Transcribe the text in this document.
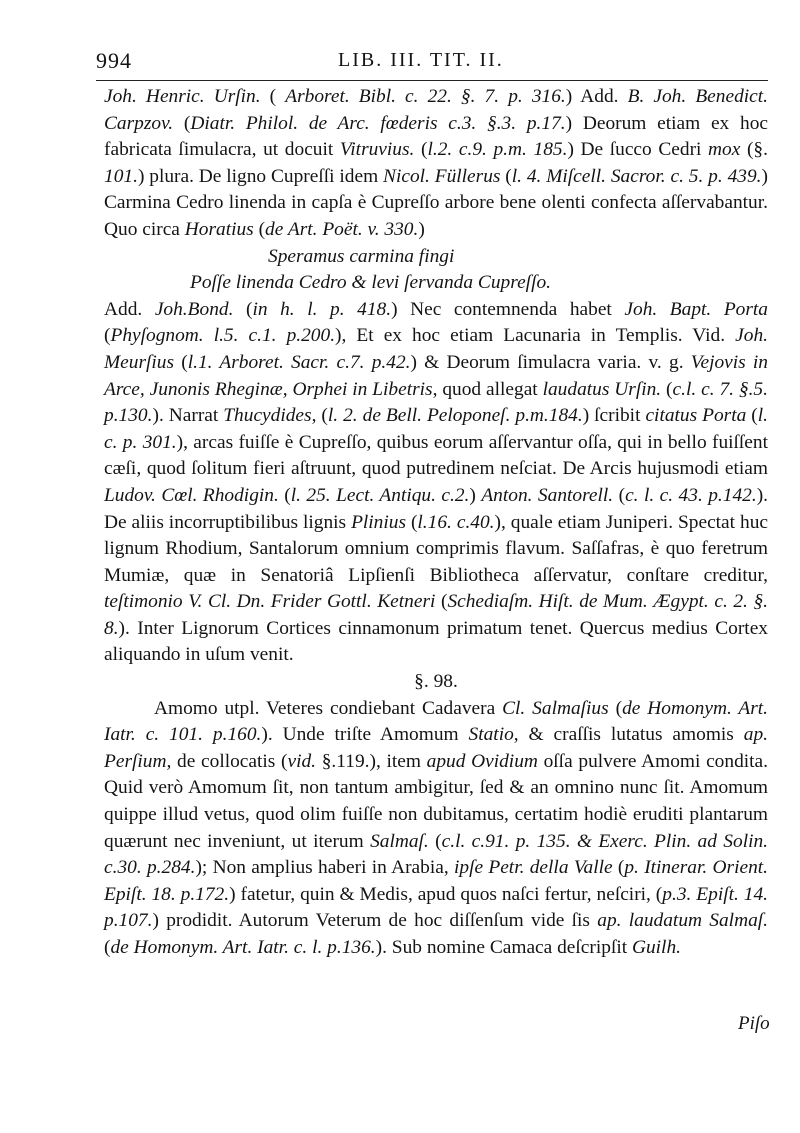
994	LIB. III. TIT. II.

Joh. Henric. Urſin. ( Arboret. Bibl. c. 22. §. 7. p. 316.) Add. B. Joh. Benedict. Carpzov. (Diatr. Philol. de Arc. fœderis c.3. §.3. p.17.) Deorum etiam ex hoc fabricata ſimulacra, ut docuit Vitruvius. (l.2. c.9. p.m. 185.) De ſucco Cedri mox (§. 101.) plura. De ligno Cupreſſi idem Nicol. Füllerus (l. 4. Miſcell. Sacror. c. 5. p. 439.) Carmina Cedro linenda in capſa è Cupreſſo arbore bene olenti confecta aſſervabantur. Quo circa Horatius (de Art. Poët. v. 330.)

Speramus carmina fingi

Poſſe linenda Cedro & levi ſervanda Cupreſſo.

Add. Joh.Bond. (in h. l. p. 418.) Nec contemnenda habet Joh. Bapt. Porta (Phyſognom. l.5. c.1. p.200.), Et ex hoc etiam Lacunaria in Templis. Vid. Joh. Meurſius (l.1. Arboret. Sacr. c.7. p.42.) & Deorum ſimulacra varia. v. g. Vejovis in Arce, Junonis Rheginæ, Orphei in Libetris, quod allegat laudatus Urſin. (c.l. c. 7. §.5. p.130.). Narrat Thucydides, (l. 2. de Bell. Peloponeſ. p.m.184.) ſcribit citatus Porta (l. c. p. 301.), arcas fuiſſe è Cupreſſo, quibus eorum aſſervantur oſſa, qui in bello fuiſſent cæſi, quod ſolitum fieri aſtruunt, quod putredinem neſciat. De Arcis hujusmodi etiam Ludov. Cœl. Rhodigin. (l. 25. Lect. Antiqu. c.2.) Anton. Santorell. (c. l. c. 43. p.142.). De aliis incorruptibilibus lignis Plinius (l.16. c.40.), quale etiam Juniperi. Spectat huc lignum Rhodium, Santalorum omnium comprimis flavum. Saſſafras, è quo feretrum Mumiæ, quæ in Senatoriâ Lipſienſi Bibliotheca aſſervatur, conſtare creditur, teſtimonio V. Cl. Dn. Frider Gottl. Ketneri (Schediaſm. Hiſt. de Mum. Ægypt. c. 2. §. 8.). Inter Lignorum Cortices cinnamonum primatum tenet. Quercus medius Cortex aliquando in uſum venit.

§. 98.

Amomo utpl. Veteres condiebant Cadavera Cl. Salmaſius (de Homonym. Art. Iatr. c. 101. p.160.). Unde triſte Amomum Statio, & craſſis lutatus amomis ap. Perſium, de collocatis (vid. §.119.), item apud Ovidium oſſa pulvere Amomi condita. Quid verò Amomum ſit, non tantum ambigitur, ſed & an omnino nunc ſit. Amomum quippe illud vetus, quod olim fuiſſe non dubitamus, certatim hodiè eruditi plantarum quærunt nec inveniunt, ut iterum Salmaſ. (c.l. c.91. p. 135. & Exerc. Plin. ad Solin. c.30. p.284.); Non amplius haberi in Arabia, ipſe Petr. della Valle (p. Itinerar. Orient. Epiſt. 18. p.172.) fatetur, quin & Medis, apud quos naſci fertur, neſciri, (p.3. Epiſt. 14. p.107.) prodidit. Autorum Veterum de hoc diſſenſum vide ſis ap. laudatum Salmaſ. (de Homonym. Art. Iatr. c. l. p.136.). Sub nomine Camaca deſcripſit Guilh.

Piſo
